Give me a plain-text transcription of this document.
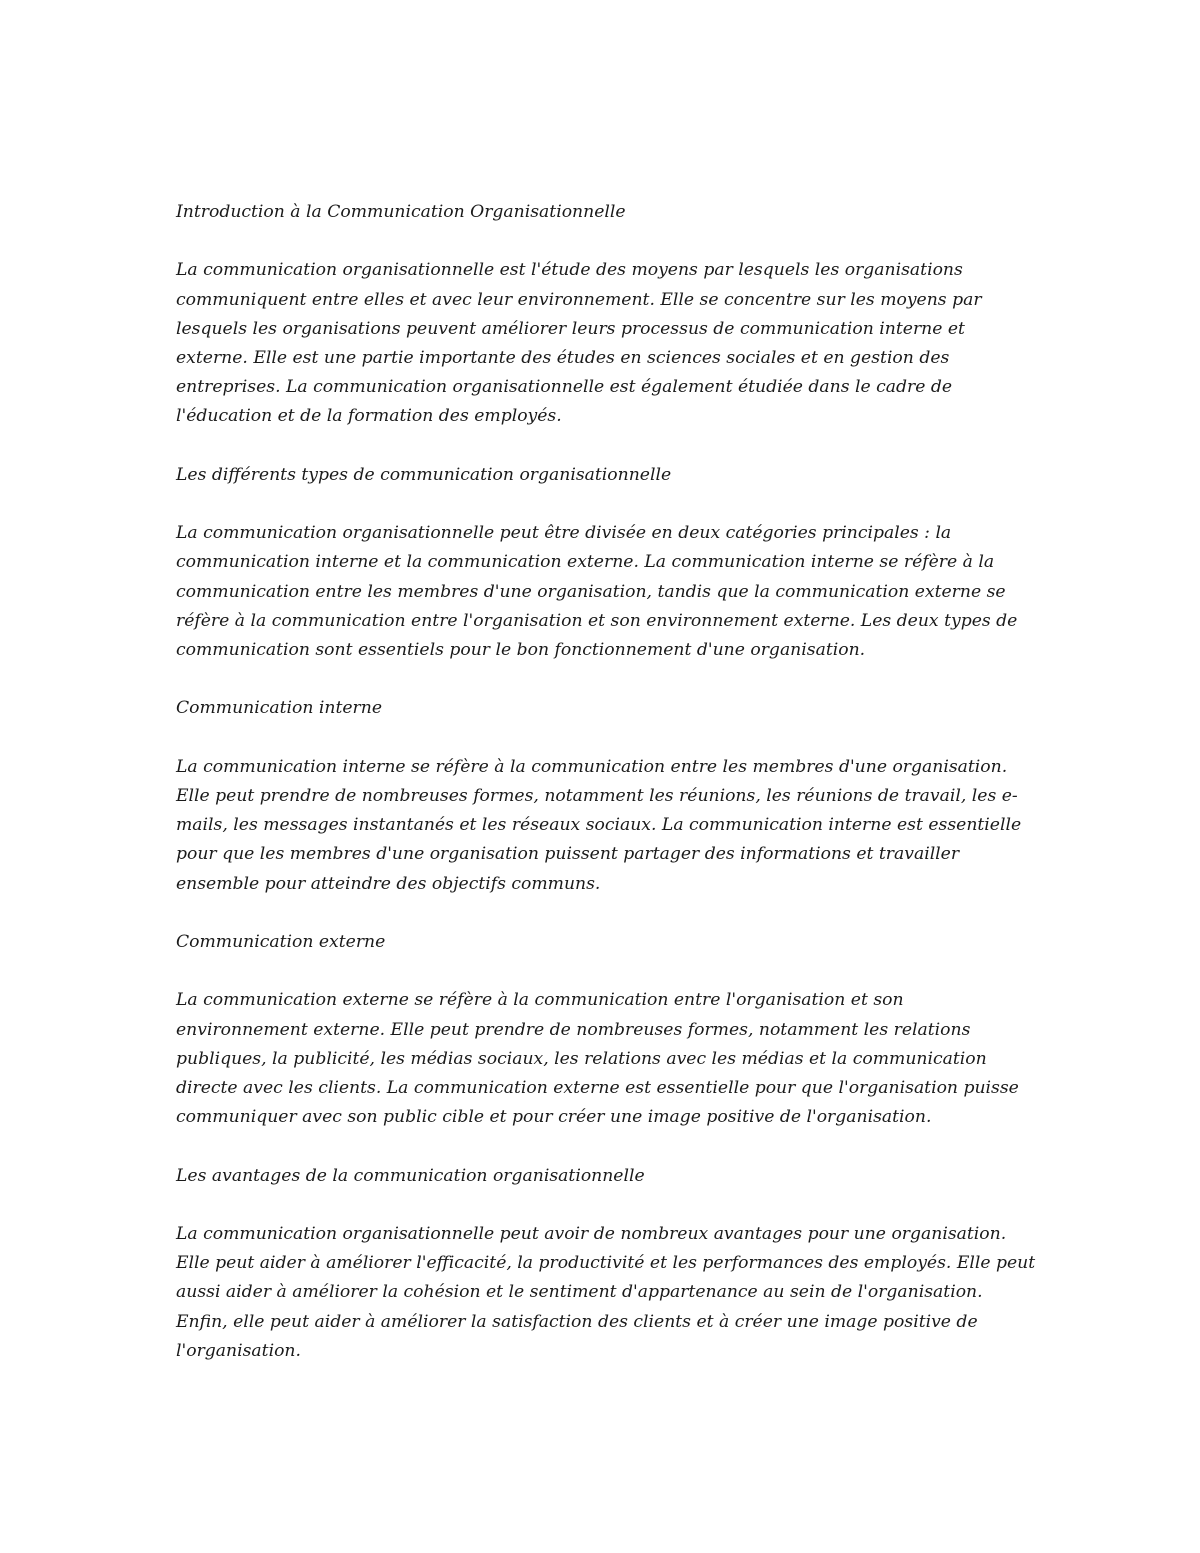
Introduction à la Communication Organisationnelle

La communication organisationnelle est l'étude des moyens par lesquels les organisations communiquent entre elles et avec leur environnement. Elle se concentre sur les moyens par lesquels les organisations peuvent améliorer leurs processus de communication interne et externe. Elle est une partie importante des études en sciences sociales et en gestion des entreprises. La communication organisationnelle est également étudiée dans le cadre de l'éducation et de la formation des employés.

Les différents types de communication organisationnelle

La communication organisationnelle peut être divisée en deux catégories principales : la communication interne et la communication externe. La communication interne se réfère à la communication entre les membres d'une organisation, tandis que la communication externe se réfère à la communication entre l'organisation et son environnement externe. Les deux types de communication sont essentiels pour le bon fonctionnement d'une organisation.

Communication interne

La communication interne se réfère à la communication entre les membres d'une organisation. Elle peut prendre de nombreuses formes, notamment les réunions, les réunions de travail, les e-mails, les messages instantanés et les réseaux sociaux. La communication interne est essentielle pour que les membres d'une organisation puissent partager des informations et travailler ensemble pour atteindre des objectifs communs.

Communication externe

La communication externe se réfère à la communication entre l'organisation et son environnement externe. Elle peut prendre de nombreuses formes, notamment les relations publiques, la publicité, les médias sociaux, les relations avec les médias et la communication directe avec les clients. La communication externe est essentielle pour que l'organisation puisse communiquer avec son public cible et pour créer une image positive de l'organisation.

Les avantages de la communication organisationnelle

La communication organisationnelle peut avoir de nombreux avantages pour une organisation. Elle peut aider à améliorer l'efficacité, la productivité et les performances des employés. Elle peut aussi aider à améliorer la cohésion et le sentiment d'appartenance au sein de l'organisation. Enfin, elle peut aider à améliorer la satisfaction des clients et à créer une image positive de l'organisation.
